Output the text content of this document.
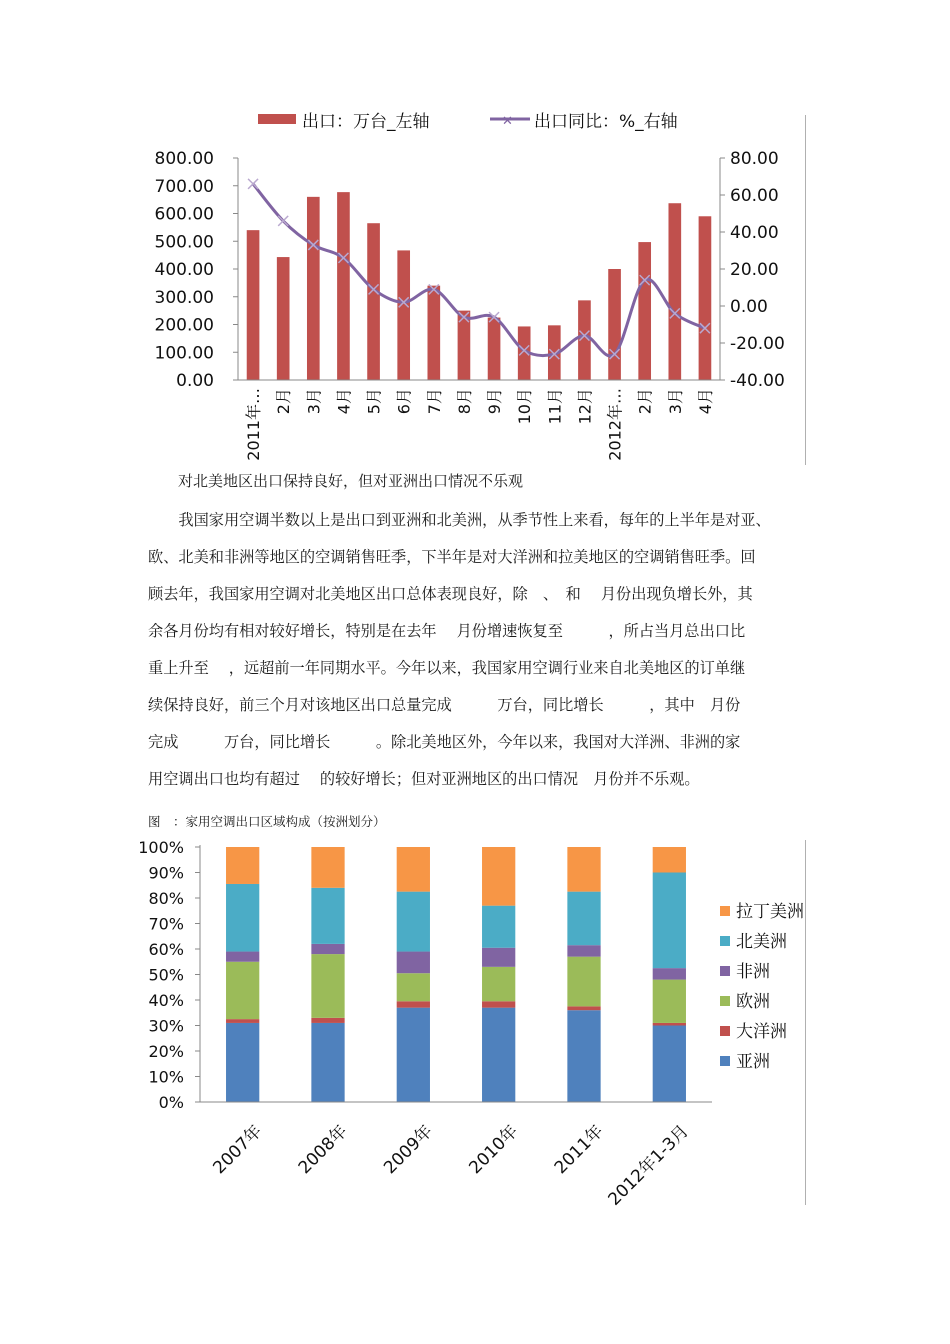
出口：万台_左轴	✕ 出口同比：%_右轴
800.00
700.00
600.00
500.00
400.00
300.00
200.00
100.00
0.00
80.00
60.00
40.00
20.00
0.00
-20.00
-40.00
2011年… 2月 3月 4月 5月 6月 7月 8月 9月 10月 11月 12月 2012年… 2月 3月 4月
对北美地区出口保持良好，但对亚洲出口情况不乐观
　　我国家用空调半数以上是出口到亚洲和北美洲，从季节性上来看，每年的上半年是对亚、
欧、北美和非洲等地区的空调销售旺季，下半年是对大洋洲和拉美地区的空调销售旺季。回
顾去年，我国家用空调对北美地区出口总体表现良好，除　、　和　 月份出现负增长外，其
余各月份均有相对较好增长，特别是在去年　 月份增速恢复至　　　，所占当月总出口比
重上升至　 ，远超前一年同期水平。今年以来，我国家用空调行业来自北美地区的订单继
续保持良好，前三个月对该地区出口总量完成　　　万台，同比增长　　　，其中　月份
完成　　　万台，同比增长　　　。除北美地区外，今年以来，我国对大洋洲、非洲的家
用空调出口也均有超过　 的较好增长；但对亚洲地区的出口情况　月份并不乐观。
图　：家用空调出口区域构成（按洲划分）
100%
90%
80%
70%
60%
50%
40%
30%
20%
10%
0%
2007年 2008年 2009年 2010年 2011年
2012年1-3月
拉丁美洲
北美洲
非洲
欧洲
大洋洲
亚洲
